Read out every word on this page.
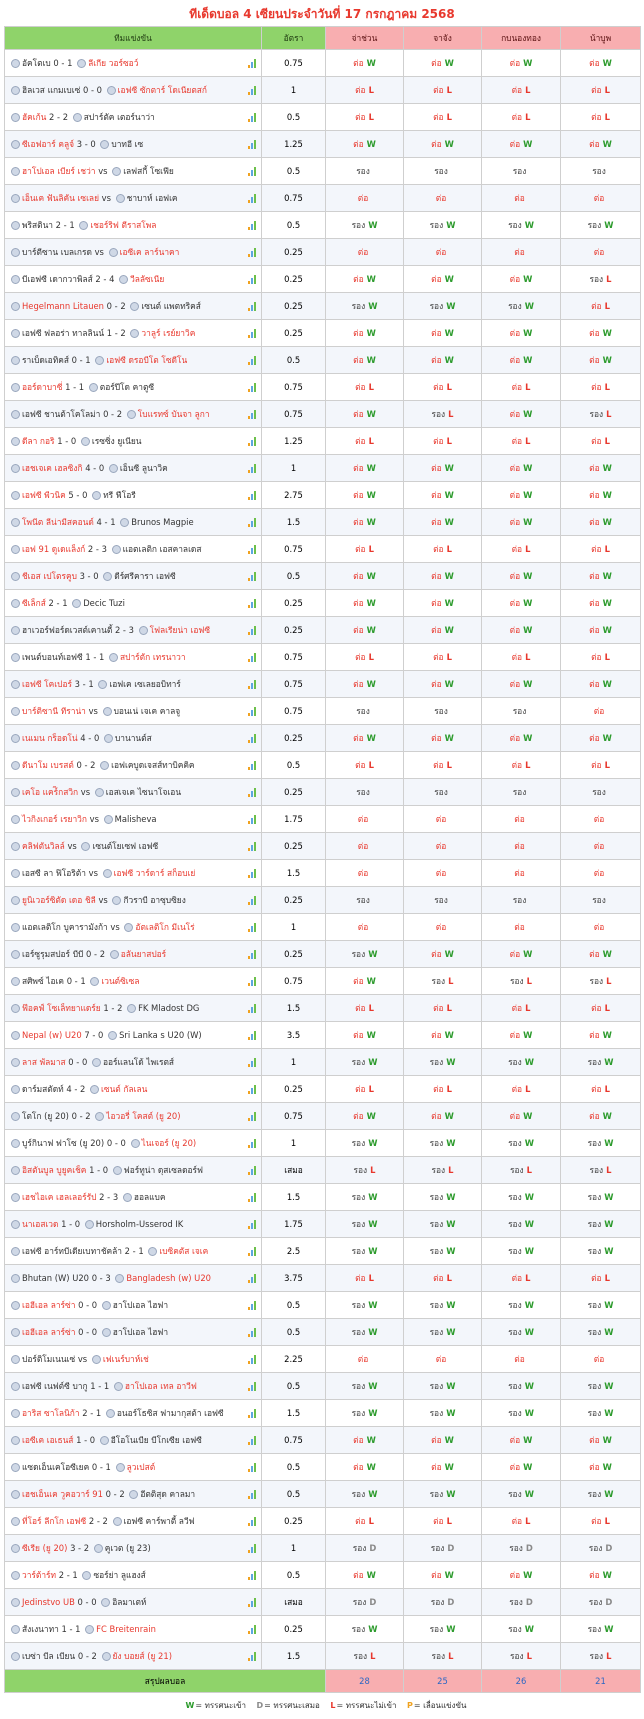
ทีเด็ดบอล 4 เซียนประจำวันที่ 17 กรกฎาคม 2568
ทีมแข่งขัน	อัตรา	จ่าช่วน	จาจัง	กบนองทอง	น้าบูพ
อัคโตเบ 0 - 1 ลีเกีย วอร์ซอว์	0.75	ต่อ W	ต่อ W	ต่อ W	ต่อ W
ฮิลเวส แกมเบเซ่ 0 - 0 เอฟซี ซักตาร์ โดเนียตสก์	1	ต่อ L	ต่อ L	ต่อ L	ต่อ L
ฮัคเก้น 2 - 2 สปาร์ตัค เตอร์นาว่า	0.5	ต่อ L	ต่อ L	ต่อ L	ต่อ L
ซีเอฟอาร์ คลูจ์ 3 - 0 บาทอี เซ	1.25	ต่อ W	ต่อ W	ต่อ W	ต่อ W
ฮาโปเอล เบียร์ เชว่า vs เลฟสกี้ โซเฟีย	0.5	รอง	รอง	รอง	รอง
เอ็นเค ฟันลิคัน เซเลย่ vs ชาบาห์ เอฟเค	0.75	ต่อ	ต่อ	ต่อ	ต่อ
พริสตินา 2 - 1 เชอร์ริฟ ตีราสโพล	0.5	รอง W	รอง W	รอง W	รอง W
บาร์ตีซาน เบลเกรด vs เอซีเค ลาร์นาคา	0.25	ต่อ	ต่อ	ต่อ	ต่อ
บีเอฟซี เดากวาพิลส์ 2 - 4 วีลลัซเนีย	0.25	ต่อ W	ต่อ W	ต่อ W	รอง L
Hegelmann Litauen 0 - 2 เซนต์ แพตทริคส์	0.25	รอง W	รอง W	รอง W	ต่อ L
เอฟซี ฟลอร่า ทาลลินน์ 1 - 2 วาลูร์ เรย์ยาวิค	0.25	ต่อ W	ต่อ W	ต่อ W	ต่อ W
ราเบ็ดเอทิคส์ 0 - 1 เอฟซี ดรอบีโต โซดีโน	0.5	ต่อ W	ต่อ W	ต่อ W	ต่อ W
ออร์ดาบาซี่ 1 - 1 ตอร์ปีโด คาตูซี	0.75	ต่อ L	ต่อ L	ต่อ L	ต่อ L
เอฟซี ชานต้าโคโลม่า 0 - 2 โบแรทซ์ บันจา ลูกา	0.75	ต่อ W	รอง L	ต่อ W	รอง L
ดีลา กอริ 1 - 0 เรซซิ่ง ยูเนียน	1.25	ต่อ L	ต่อ L	ต่อ L	ต่อ L
เฮชเจเค เฮลซิงกิ 4 - 0 เอ็นซี ลูนาวิค	1	ต่อ W	ต่อ W	ต่อ W	ต่อ W
เอฟซี พีวนิค 5 - 0 ทรี ฟีโอรี	2.75	ต่อ W	ต่อ W	ต่อ W	ต่อ W
โพนีต ลีน่ามีสคอนด์ 4 - 1 Brunos Magpie	1.5	ต่อ W	ต่อ W	ต่อ W	ต่อ W
เอฟ 91 ดูเดแล็งก์ 2 - 3 แอตเลติก เอสคาลเดส	0.75	ต่อ L	ต่อ L	ต่อ L	ต่อ L
ชีเอส เปโตรคูบ 3 - 0 ดีร์ศรีคารา เอฟซี	0.5	ต่อ W	ต่อ W	ต่อ W	ต่อ W
ซีเล็กส์ 2 - 1 Decic Tuzi	0.25	ต่อ W	ต่อ W	ต่อ W	ต่อ W
ฮาเวอร์ฟอร์ดเวสต์เคานตี้ 2 - 3 โฟลเรียน่า เอฟซี	0.25	ต่อ W	ต่อ W	ต่อ W	ต่อ W
เพนต์บอนท์เอฟซี 1 - 1 สปาร์ตัก เทรนาวา	0.75	ต่อ L	ต่อ L	ต่อ L	ต่อ L
เอฟซี โคเปอร์ 3 - 1 เอฟเค เซเลยอบิทาร์	0.75	ต่อ W	ต่อ W	ต่อ W	ต่อ W
บาร์ติซานี ทีราน่า vs บอนเน่ เจเค คาลจู	0.75	รอง	รอง	รอง	ต่อ
เนเมน กร็อดโน่ 4 - 0 บานานต์ส	0.25	ต่อ W	ต่อ W	ต่อ W	ต่อ W
ดีนาโม เบรสต์ 0 - 2 เอฟเคบูดเจสส์ทาบิคคิค	0.5	ต่อ L	ต่อ L	ต่อ L	ต่อ L
เคโอ แคร์ิกสวิก vs เอสเจเค ไซนาโจเอน	0.25	รอง	รอง	รอง	รอง
ไวกิงเกอร์ เรยาวิก vs Malisheva	1.75	ต่อ	ต่อ	ต่อ	ต่อ
คลิฟตันวิลล์ vs เซนต์โยเซฟ เอฟซี	0.25	ต่อ	ต่อ	ต่อ	ต่อ
เอสซี ลา ฟิโอริต้า vs เอฟซี วาร์ดาร์ สก็อบเย่	1.5	ต่อ	ต่อ	ต่อ	ต่อ
ยูนิเวอร์ซิตัด เดอ ชิลี vs กีวราบี อาซุบซิยง	0.25	รอง	รอง	รอง	รอง
แอตเลติโก บูคารามังก้า vs อัตเลติโก มีเนโร่	1	ต่อ	ต่อ	ต่อ	ต่อ
เอร์ซูรุมสปอร์ บีบี 0 - 2 อลันยาสปอร์	0.25	รอง W	ต่อ W	ต่อ W	ต่อ W
สศิพซ์ ไอเค 0 - 1 เวนต์ซิเซล	0.75	ต่อ W	รอง L	รอง L	รอง L
ฟ๊อคฟ์ โซเล็ทยาแดร์ย 1 - 2 FK Mladost DG	1.5	ต่อ L	ต่อ L	ต่อ L	ต่อ L
Nepal (w) U20 7 - 0 Sri Lanka s U20 (W)	3.5	ต่อ W	ต่อ W	ต่อ W	ต่อ W
ลาส พัลมาส 0 - 0 ออร์แลนโด้ ไพเรตส์	1	รอง W	รอง W	รอง W	รอง W
ดาร์มสตัดท์ 4 - 2 เซนต์ กัลเลน	0.25	ต่อ L	ต่อ L	ต่อ L	ต่อ L
โตโก (ยู 20) 0 - 2 ไอวอรี่ โคสต์ (ยู 20)	0.75	ต่อ W	ต่อ W	ต่อ W	ต่อ W
บูร์กินาฟ ฟาโซ (ยู 20) 0 - 0 ไนเจอร์ (ยู 20)	1	รอง W	รอง W	รอง W	รอง W
อิสตันบูล บูยูคเช็ค 1 - 0 ฟอร์ทูน่า ดุสเซลดอร์ฟ	เสมอ	รอง L	รอง L	รอง L	รอง L
เฮชไอเค เฮลเลอร์รัป 2 - 3 ฮอลแบค	1.5	รอง W	รอง W	รอง W	รอง W
นาเอสเวด 1 - 0 Horsholm-Usserod IK	1.75	รอง W	รอง W	รอง W	รอง W
เอฟซี อาร์ทบีเดียเบทาชัคล้า 2 - 1 เบซิคตัส เจเค	2.5	รอง W	รอง W	รอง W	รอง W
Bhutan (W) U20 0 - 3 Bangladesh (w) U20	3.75	ต่อ L	ต่อ L	ต่อ L	ต่อ L
เอฮีเอล ลาร์ซ่า 0 - 0 ฮาโปเอล ไฮฟา	0.5	รอง W	รอง W	รอง W	รอง W
เอฮีเอล ลาร์ซ่า 0 - 0 ฮาโปเอล ไฮฟา	0.5	รอง W	รอง W	รอง W	รอง W
ปอร์ติโมเนนเซ่ vs เฟเนร์บาห์เช่	2.25	ต่อ	ต่อ	ต่อ	ต่อ
เอฟซี เนฟต์ซี บากู 1 - 1 ฮาโปเอล เทล อาวีฟ	0.5	รอง W	รอง W	รอง W	รอง W
อาริส ซาโลนิก้า 2 - 1 อนอร์โธซิส ฟามากุสต้า เอฟซี	1.5	รอง W	รอง W	รอง W	รอง W
เอซีเค เอเธนส์ 1 - 0 อีโอโนเบีย บีโกเซีย เอฟซี	0.75	ต่อ W	ต่อ W	ต่อ W	ต่อ W
แซดเอ็นเคโอซีเยค 0 - 1 ลูวเปสต์	0.5	ต่อ W	ต่อ W	ต่อ W	ต่อ W
เฮชเอ็นเค วูคอวาร์ 91 0 - 2 อีตติสุด คาลมา	0.5	รอง W	รอง W	รอง W	รอง W
ที่โอร์ ลีกโก เอฟซี 2 - 2 เอฟซี คาร์พาตี้ ลวีฟ	0.25	ต่อ L	ต่อ L	ต่อ L	ต่อ L
ซีเรีย (ยู 20) 3 - 2 คูเวต (ยู 23)	1	รอง D	รอง D	รอง D	รอง D
วาร์ต้าร์ท 2 - 1 ซอร์ย่า ลูแฮงส์	0.5	ต่อ W	ต่อ W	ต่อ W	ต่อ W
Jedinstvo UB 0 - 0 อิลมาเตห์	เสมอ	รอง D	รอง D	รอง D	รอง D
สังเงนาทา 1 - 1 FC Breitenrain	0.25	รอง W	รอง W	รอง W	รอง W
เบซ่า บีล เบียน 0 - 2 ยัง บอยส์ (ยู 21)	1.5	รอง L	รอง L	รอง L	รอง L
สรุปผลบอล		28	25	26	21
W= ทรรศนะเข้า D= ทรรศนะเสมอ L= ทรรศนะไม่เข้า P= เลื่อนแข่งขัน
